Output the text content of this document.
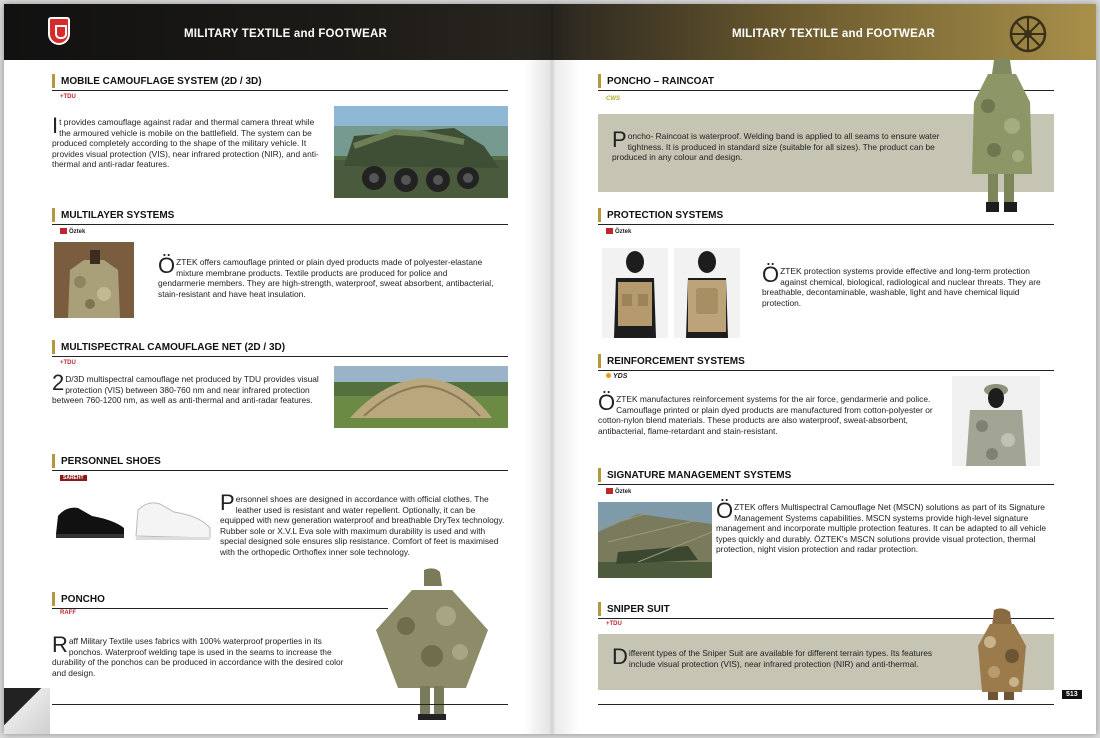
MILITARY TEXTILE and FOOTWEAR
MOBILE CAMOUFLAGE SYSTEM (2D / 3D)
+ TDU
It provides camouflage against radar and thermal camera threat while the armoured vehicle is mobile on the battlefield. The system can be produced completely according to the shape of the military vehicle. It provides visual protection (VIS), near infrared protection (NIR), and anti-thermal and anti-radar features.
MULTILAYER SYSTEMS
Öztek
ÖZTEK offers camouflage printed or plain dyed products made of polyester-elastane mixture membrane products. Textile products are produced for police and gendarmerie members. They are high-strength, waterproof, sweat absorbent, antibacterial, stain-resistant and have heat insulation.
MULTISPECTRAL CAMOUFLAGE NET (2D / 3D)
+ TDU
2 D/3D multispectral camouflage net produced by TDU provides visual protection (VIS) between 380-760 nm and near infrared protection between 760-1200 nm, as well as anti-thermal and anti-radar features.
PERSONNEL SHOES
SAREHT
Personnel shoes are designed in accordance with official clothes. The leather used is resistant and water repellent. Optionally, it can be equipped with new generation waterproof and breathable DryTex technology. Rubber sole or X.V.L Eva sole with maximum durability is used and with special designed sole ensures slip resistance. Comfort of feet is maximised with the orthopedic Orthoflex inner sole technology.
PONCHO
RAFF
Raff Military Textile uses fabrics with 100% waterproof properties in its ponchos. Waterproof welding tape is used in the seams to increase the durability of the ponchos can be produced in accordance with the desired color and design.
MILITARY TEXTILE and FOOTWEAR
PONCHO – RAINCOAT
CWS
Poncho- Raincoat is waterproof. Welding band is applied to all seams to ensure water tightness. It is produced in standard size (suitable for all sizes). The product can be produced in any colour and design.
PROTECTION SYSTEMS
Öztek
ÖZTEK protection systems provide effective and long-term protection against chemical, biological, radiological and nuclear threats. They are breathable, decontaminable, washable, light and have chemical liquid protection.
REINFORCEMENT SYSTEMS
YDS
ÖZTEK manufactures reinforcement systems for the air force, gendarmerie and police. Camouflage printed or plain dyed products are manufactured from cotton-polyester or cotton-nylon blend materials. These products are also waterproof, sweat-absorbent, antibacterial, flame-retardant and stain-resistant.
SIGNATURE MANAGEMENT SYSTEMS
Öztek
ÖZTEK offers Multispectral Camouflage Net (MSCN) solutions as part of its Signature Management Systems capabilities. MSCN systems provide high-level signature management and incorporate multiple protection features. It can be adapted to all vehicle types quickly and durably. ÖZTEK's MSCN solutions provide visual protection, thermal protection, night vision protection and radar protection.
SNIPER SUIT
+ TDU
Different types of the Sniper Suit are available for different terrain types. Its features include visual protection (VIS), near infrared protection (NIR) and anti-thermal.
513
